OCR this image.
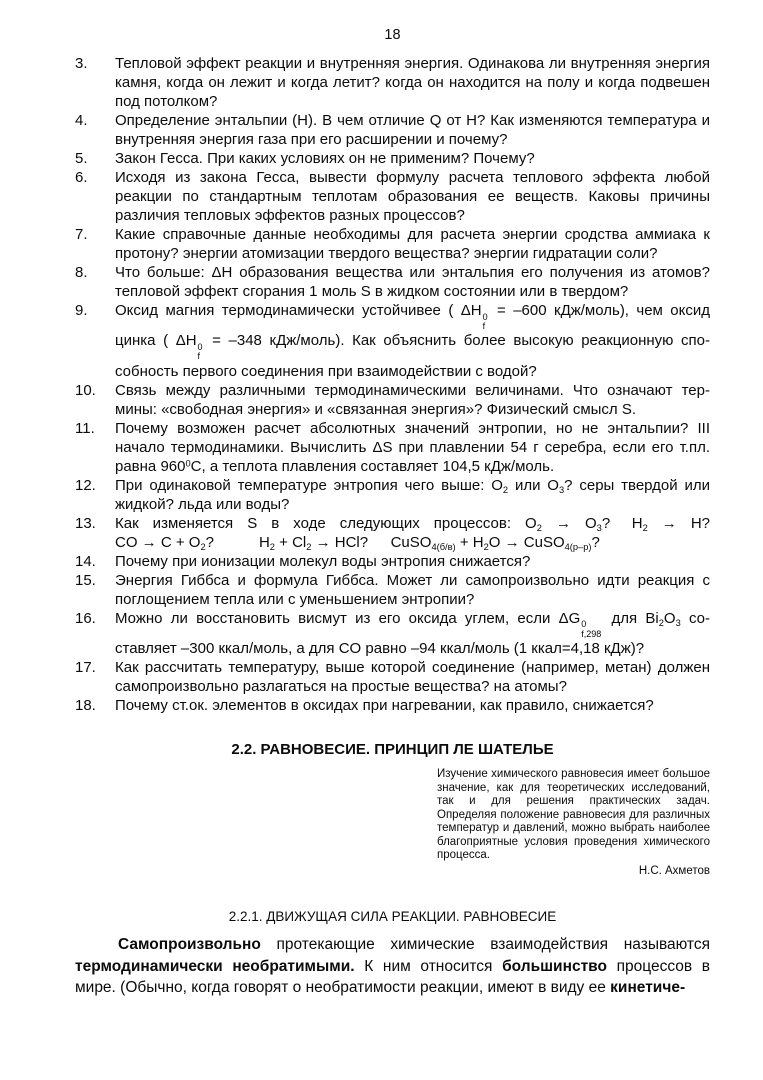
18
3.	Тепловой эффект реакции и внутренняя энергия. Одинакова ли внутренняя энергия камня, когда он лежит и когда летит? когда он находится на полу и когда подвешен под потолком?
4.	Определение энтальпии (H). В чем отличие Q от H? Как изменяются температура и внутренняя энергия газа при его расширении и почему?
5.	Закон Гесса. При каких условиях он не применим? Почему?
6.	Исходя из закона Гесса, вывести формулу расчета теплового эффекта любой реакции по стандартным теплотам образования ее веществ. Каковы причины различия тепловых эффектов разных процессов?
7.	Какие справочные данные необходимы для расчета энергии сродства аммиака к протону? энергии атомизации твердого вещества? энергии гидратации соли?
8.	Что больше: ΔH образования вещества или энтальпия его получения из атомов? тепловой эффект сгорания 1 моль S в жидком состоянии или в твердом?
9.	Оксид магния термодинамически устойчивее ( ΔH 0
f
= –600 кДж/моль), чем оксид цинка ( ΔH 0
f
= –348 кДж/моль). Как объяснить более высокую реакционную способность первого соединения при взаимодействии с водой?
10.	Связь между различными термодинамическими величинами. Что означают термины: «свободная энергия» и «связанная энергия»? Физический смысл S.
11.	Почему возможен расчет абсолютных значений энтропии, но не энтальпии? III начало термодинамики. Вычислить ΔS при плавлении 54 г серебра, если его т.пл. равна $960^0С$, а теплота плавления составляет 104,5 кДж/моль.
12.	При одинаковой температуре энтропия чего выше: $O_2$ или $O_3$? серы твердой или жидкой? льда или воды?
13.	Как изменяется S в ходе следующих процессов: $O_2 \to O_3$?  $H_2 \to H$?
CO → $C + O_2$?   $H_2 + Cl_2$ → HCl?  CuSO$_{4(б/в)}$ + $H_2O$ → CuSO$_{4(р-р)}$?
14.	Почему при ионизации молекул воды энтропия снижается?
15.	Энергия Гиббса и формула Гиббса. Может ли самопроизвольно идти реакция с поглощением тепла или с уменьшением энтропии?
16.	Можно ли восстановить висмут из его оксида углем, если ΔG 0
f,298
для $Bi_2O_3$ составляет –300 ккал/моль, а для CO равно –94 ккал/моль (1 ккал=4,18 кДж)?
17.	Как рассчитать температуру, выше которой соединение (например, метан) должен самопроизвольно разлагаться на простые вещества? на атомы?
18.	Почему ст.ок. элементов в оксидах при нагревании, как правило, снижается?
2.2. РАВНОВЕСИЕ. ПРИНЦИП ЛЕ ШАТЕЛЬЕ

Изучение химического равновесия имеет большое значение, как для теоретических исследований, так и для решения практических задач. Определяя положение равновесия для различных температур и давлений, можно выбрать наиболее благоприятные условия проведения химического процесса.

Н.С. Ахметов

2.2.1. ДВИЖУЩАЯ СИЛА РЕАКЦИИ. РАВНОВЕСИЕ

Самопроизвольно протекающие химические взаимодействия называются термодинамически необратимыми. К ним относится большинство процессов в мире. (Обычно, когда говорят о необратимости реакции, имеют в виду ее кинетиче-
